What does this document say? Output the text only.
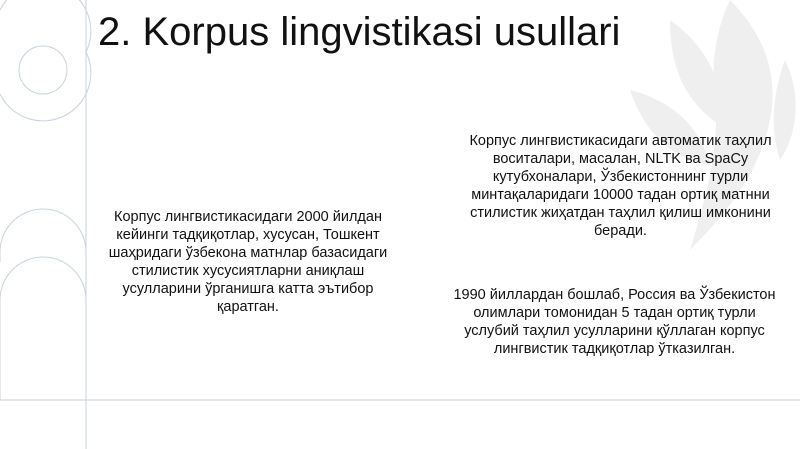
2. Korpus lingvistikasi usullari

Корпус лингвистикасидаги 2000 йилдан кейинги тадқиқотлар, хусусан, Тошкент шаҳридаги ўзбекона матнлар базасидаги стилистик хусусиятларни аниқлаш усулларини ўрганишга катта эътибор қаратган.

Корпус лингвистикасидаги автоматик таҳлил воситалари, масалан, NLTK ва SpaCy кутубхоналари, Ўзбекистоннинг турли минтақаларидаги 10000 тадан ортиқ матнни стилистик жиҳатдан таҳлил қилиш имконини беради.

1990 йиллардан бошлаб, Россия ва Ўзбекистон олимлари томонидан 5 тадан ортиқ турли услубий таҳлил усулларини қўллаган корпус лингвистик тадқиқотлар ўтказилган.
